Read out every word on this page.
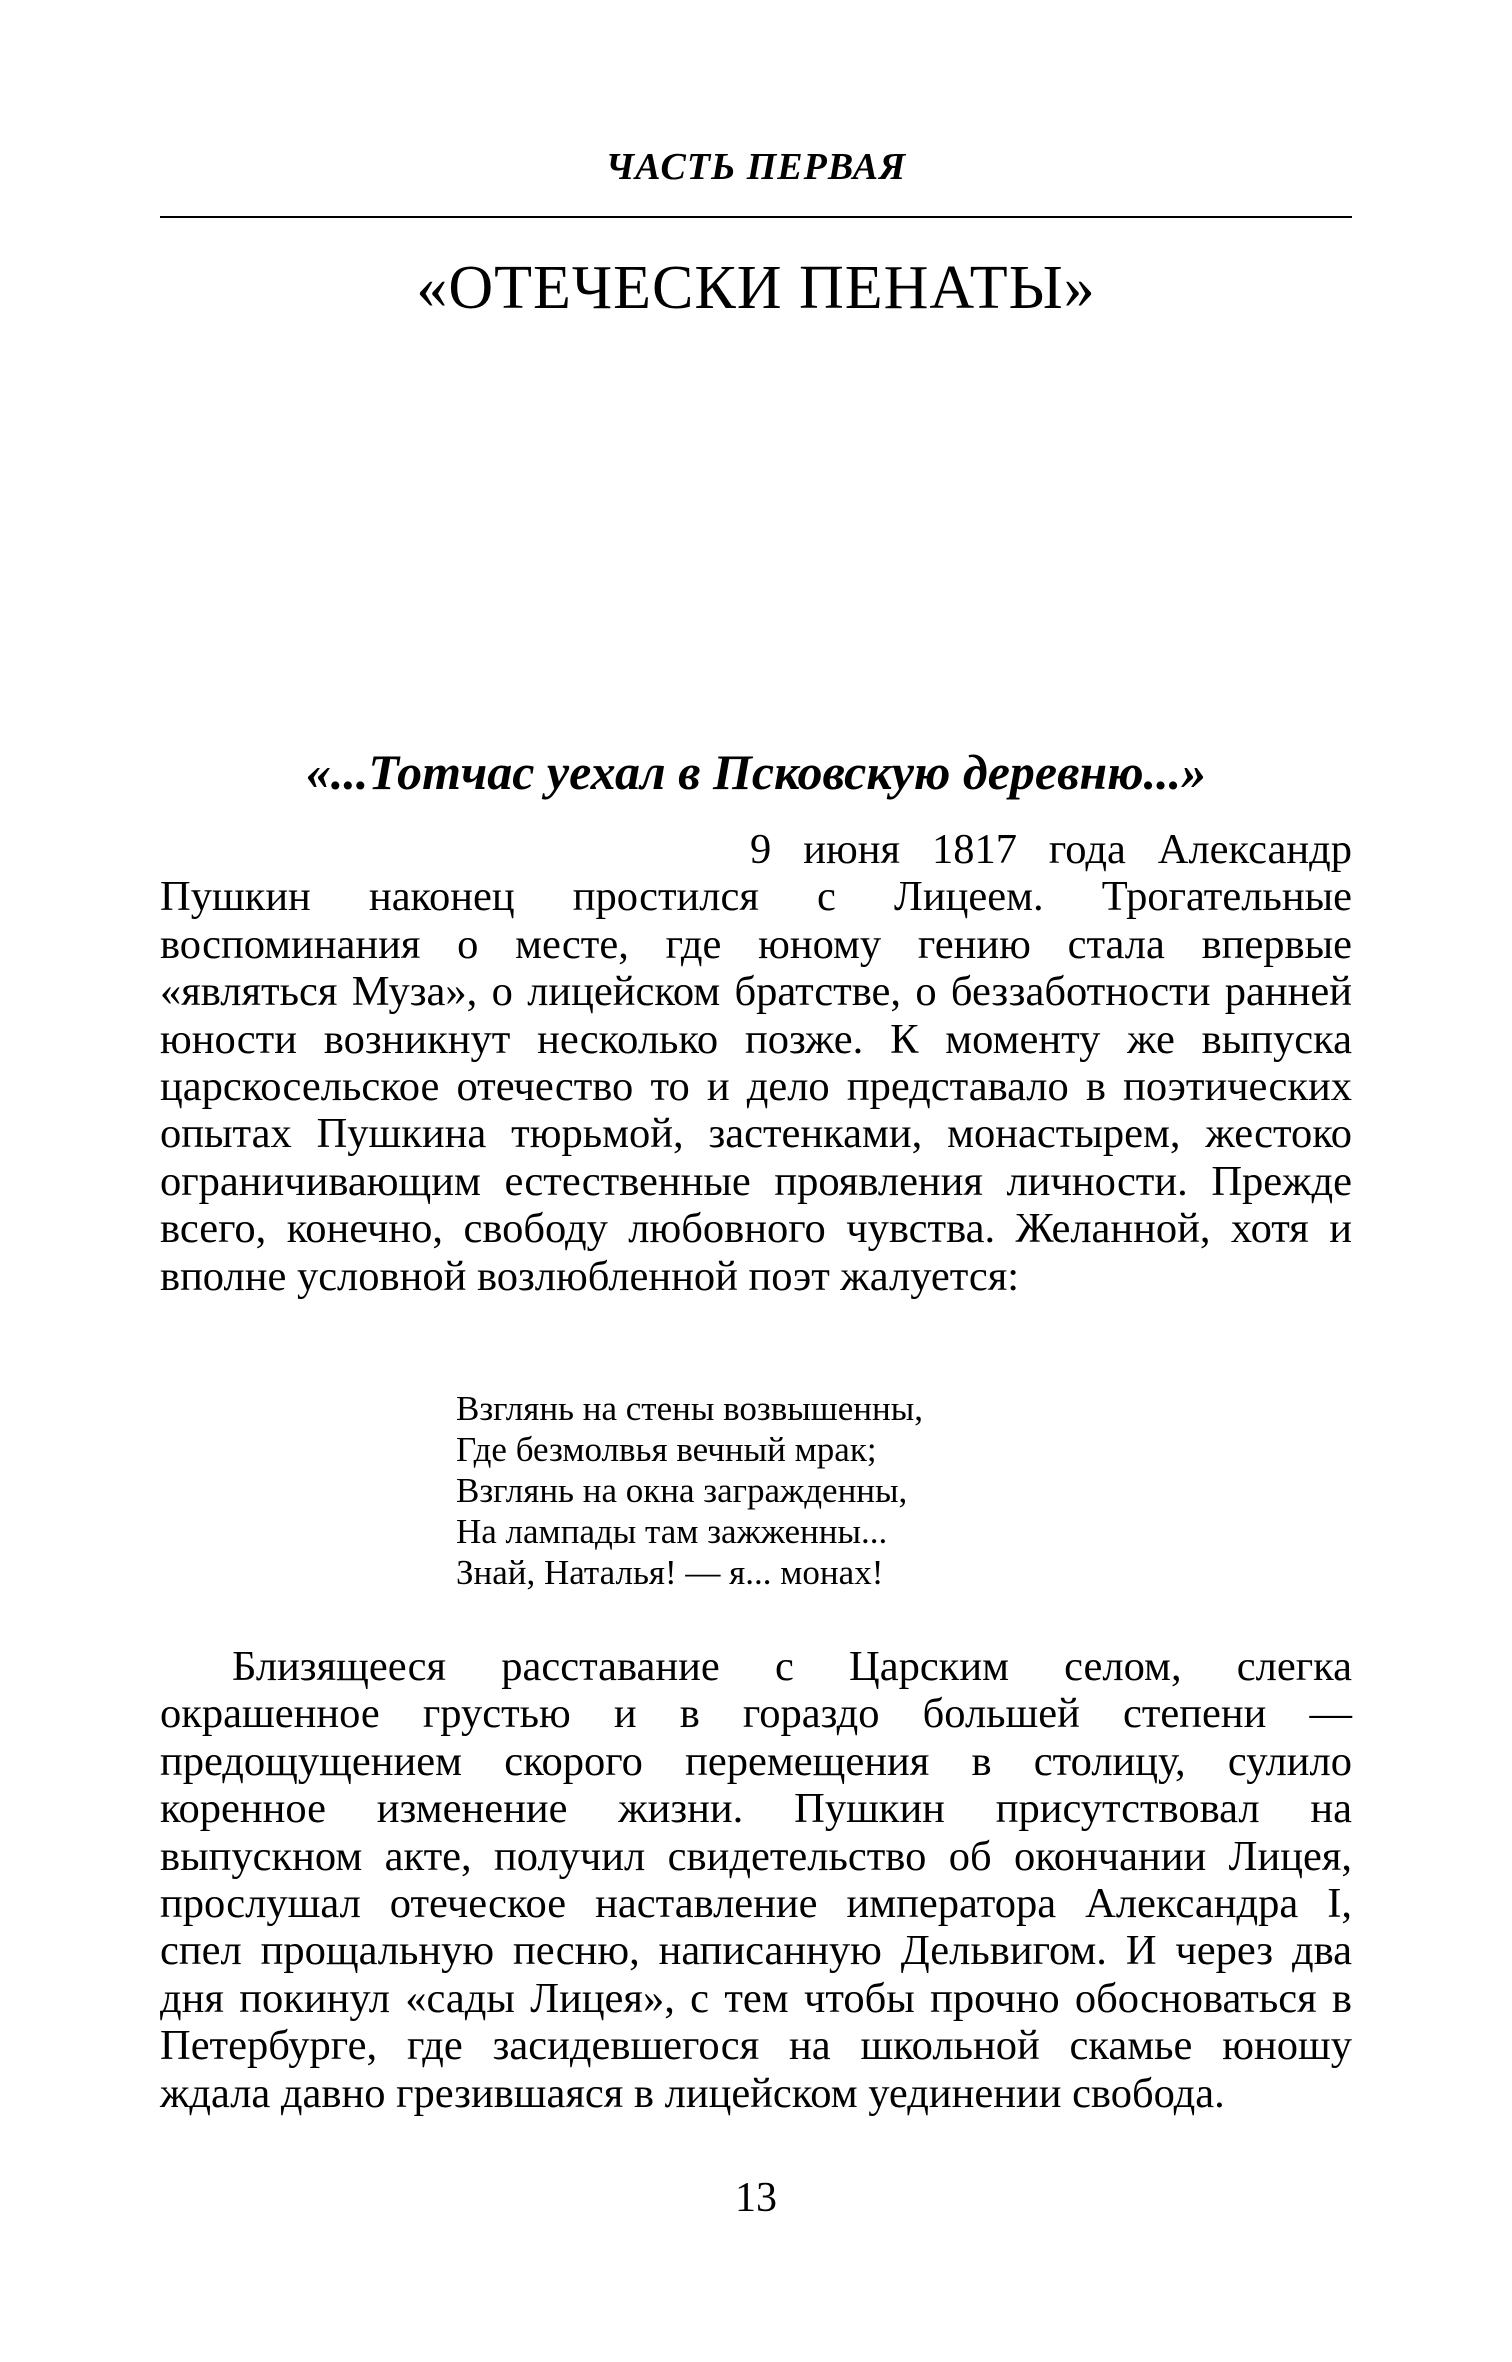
ЧАСТЬ ПЕРВАЯ
«ОТЕЧЕСКИ ПЕНАТЫ»
«...Тотчас уехал в Псковскую деревню...»

9 июня 1817 года Александр Пушкин наконец простился с Лицеем. Трогательные воспоминания о месте, где юному гению стала впервые «являться Муза», о лицейском братстве, о беззаботности ранней юности возникнут несколько позже. К моменту же выпуска царскосельское отечество то и дело представало в поэтических опытах Пушкина тюрьмой, застенками, монастырем, жестоко ограничивающим естественные проявления личности. Прежде всего, конечно, свободу любовного чувства. Желанной, хотя и вполне условной возлюбленной поэт жалуется:

Взглянь на стены возвышенны,
Где безмолвья вечный мрак;
Взглянь на окна загражденны,
На лампады там зажженны...
Знай, Наталья! — я... монах!

Близящееся расставание с Царским селом, слегка окрашенное грустью и в гораздо большей степени — предощущением скорого перемещения в столицу, сулило коренное изменение жизни. Пушкин присутствовал на выпускном акте, получил свидетельство об окончании Лицея, прослушал отеческое наставление императора Александра I, спел прощальную песню, написанную Дельвигом. И через два дня покинул «сады Лицея», с тем чтобы прочно обосноваться в Петербурге, где засидевшегося на школьной скамье юношу ждала давно грезившаяся в лицейском уединении свобода.

13
